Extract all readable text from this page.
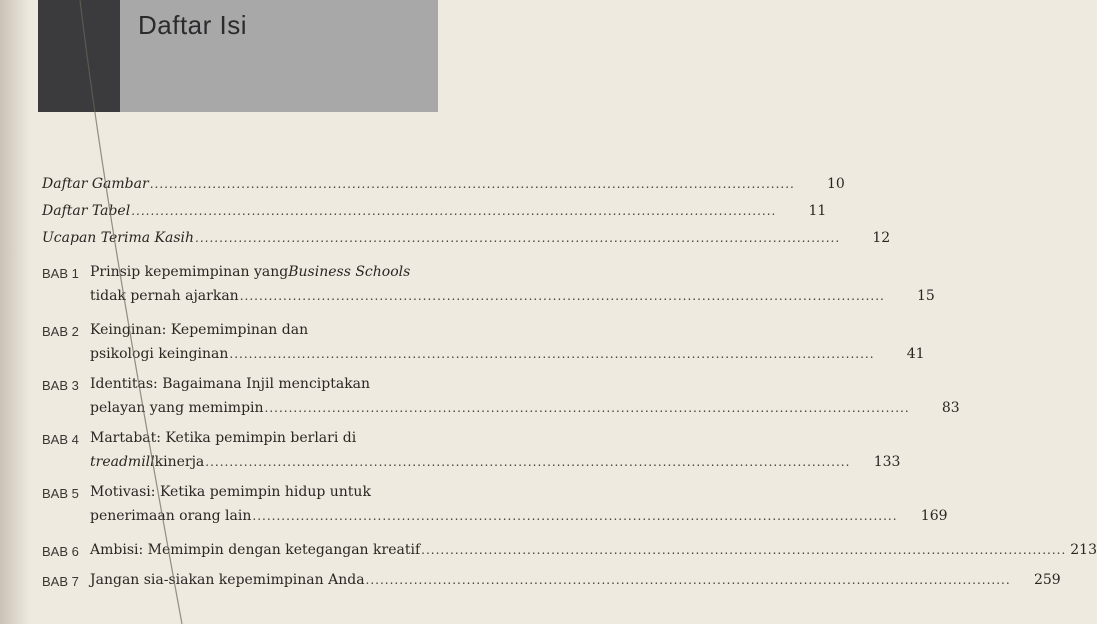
Daftar Isi
Daftar Gambar .....	10
Daftar Tabel .....	11
Ucapan Terima Kasih .....	12
BAB 1 Prinsip kepemimpinan yang Business Schools
tidak pernah ajarkan .....	15
BAB 2 Keinginan: Kepemimpinan dan
psikologi keinginan .....	41
BAB 3 Identitas: Bagaimana Injil menciptakan
pelayan yang memimpin .....	83
BAB 4 Martabat: Ketika pemimpin berlari di
treadmill kinerja .....	133
BAB 5 Motivasi: Ketika pemimpin hidup untuk
penerimaan orang lain .....	169
BAB 6 Ambisi: Memimpin dengan ketegangan kreatif .....	213
BAB 7 Jangan sia-siakan kepemimpinan Anda .....	259
